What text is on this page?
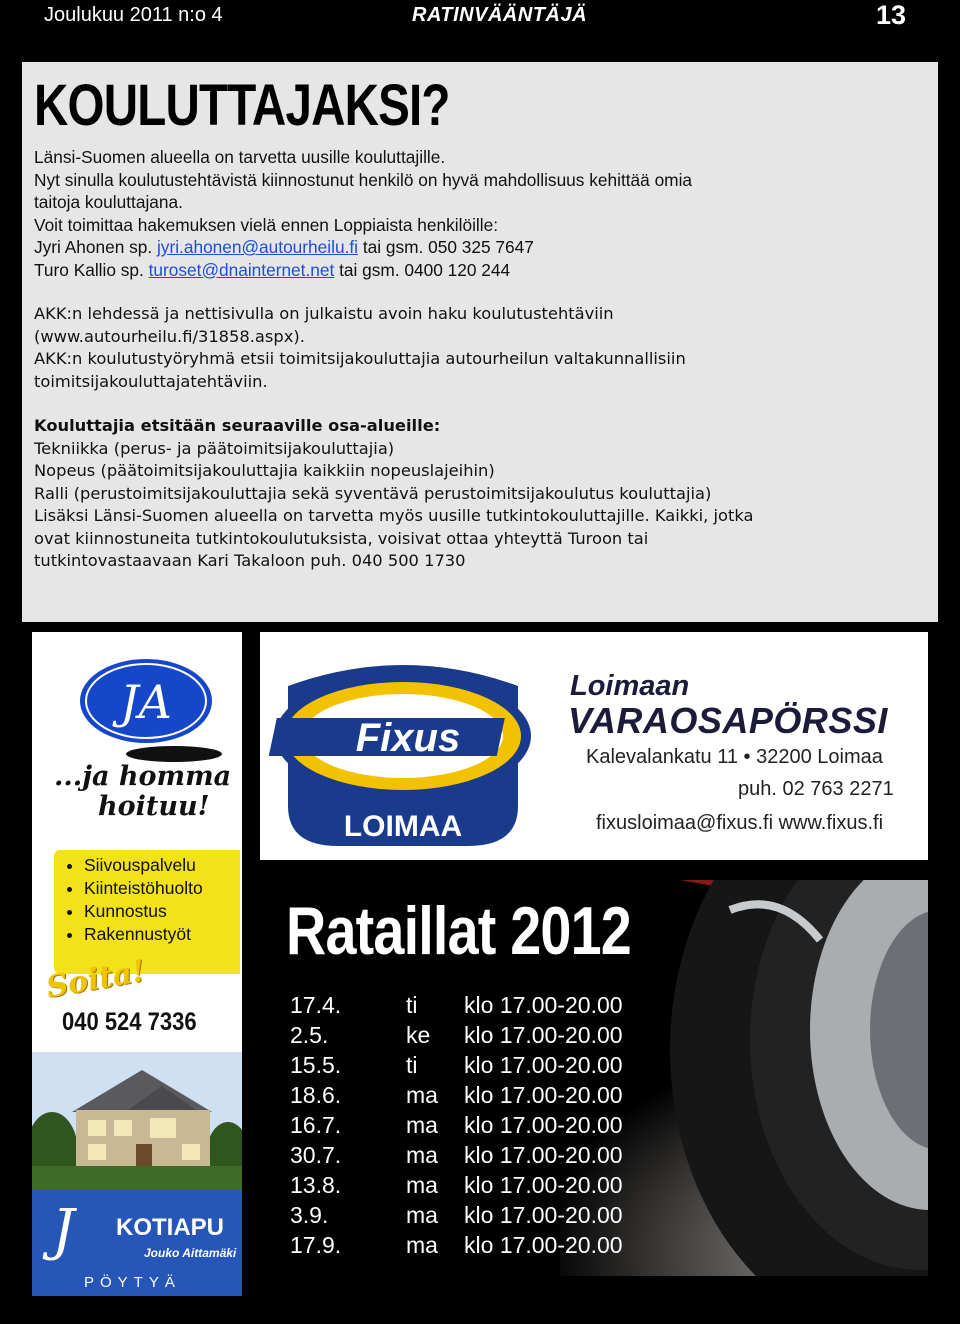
Joulukuu 2011 n:o 4	RATINVÄÄNTÄJÄ	13
KOULUTTAJAKSI?

Länsi-Suomen alueella on tarvetta uusille kouluttajille.

Nyt sinulla koulutustehtävistä kiinnostunut henkilö on hyvä mahdollisuus kehittää omia

taitoja kouluttajana.

Voit toimittaa hakemuksen vielä ennen Loppiaista henkilöille:

Jyri Ahonen sp. jyri.ahonen@autourheilu.fi tai gsm. 050 325 7647

Turo Kallio sp. turoset@dnainternet.net tai gsm. 0400 120 244

AKK:n lehdessä ja nettisivulla on julkaistu avoin haku koulutustehtäviin

(www.autourheilu.fi/31858.aspx).

AKK:n koulutustyöryhmä etsii toimitsijakouluttajia autourheilun valtakunnallisiin

toimitsijakouluttajatehtäviin.

Kouluttajia etsitään seuraaville osa-alueille:

Tekniikka (perus- ja päätoimitsijakouluttajia)

Nopeus (päätoimitsijakouluttajia kaikkiin nopeuslajeihin)

Ralli (perustoimitsijakouluttajia sekä syventävä perustoimitsijakoulutus kouluttajia)

Lisäksi Länsi-Suomen alueella on tarvetta myös uusille tutkintokouluttajille. Kaikki, jotka

ovat kiinnostuneita tutkintokoulutuksista, voisivat ottaa yhteyttä Turoon tai

tutkintovastaavaan Kari Takaloon puh. 040 500 1730

JA
...ja homma
hoituu!
• Siivouspalvelu
• Kiinteistöhuolto
• Kunnostus
• Rakennustyöt
Soita!
040 524 7336
J KOTIAPU
Jouko Aittamäki
PÖYTYÄ
Fixus
LOIMAA
Loimaan
VARAOSAPÖRSSI
Kalevalankatu 11 • 32200 Loimaa
puh. 02 763 2271
fixusloimaa@fixus.fi www.fixus.fi
Rataillat 2012
17.4.	ti klo 17.00-20.00
2.5.	ke klo 17.00-20.00
15.5.	ti klo 17.00-20.00
18.6.	ma klo 17.00-20.00
16.7.	ma klo 17.00-20.00
30.7.	ma klo 17.00-20.00
13.8.	ma klo 17.00-20.00
3.9.	ma klo 17.00-20.00
17.9.	ma klo 17.00-20.00
